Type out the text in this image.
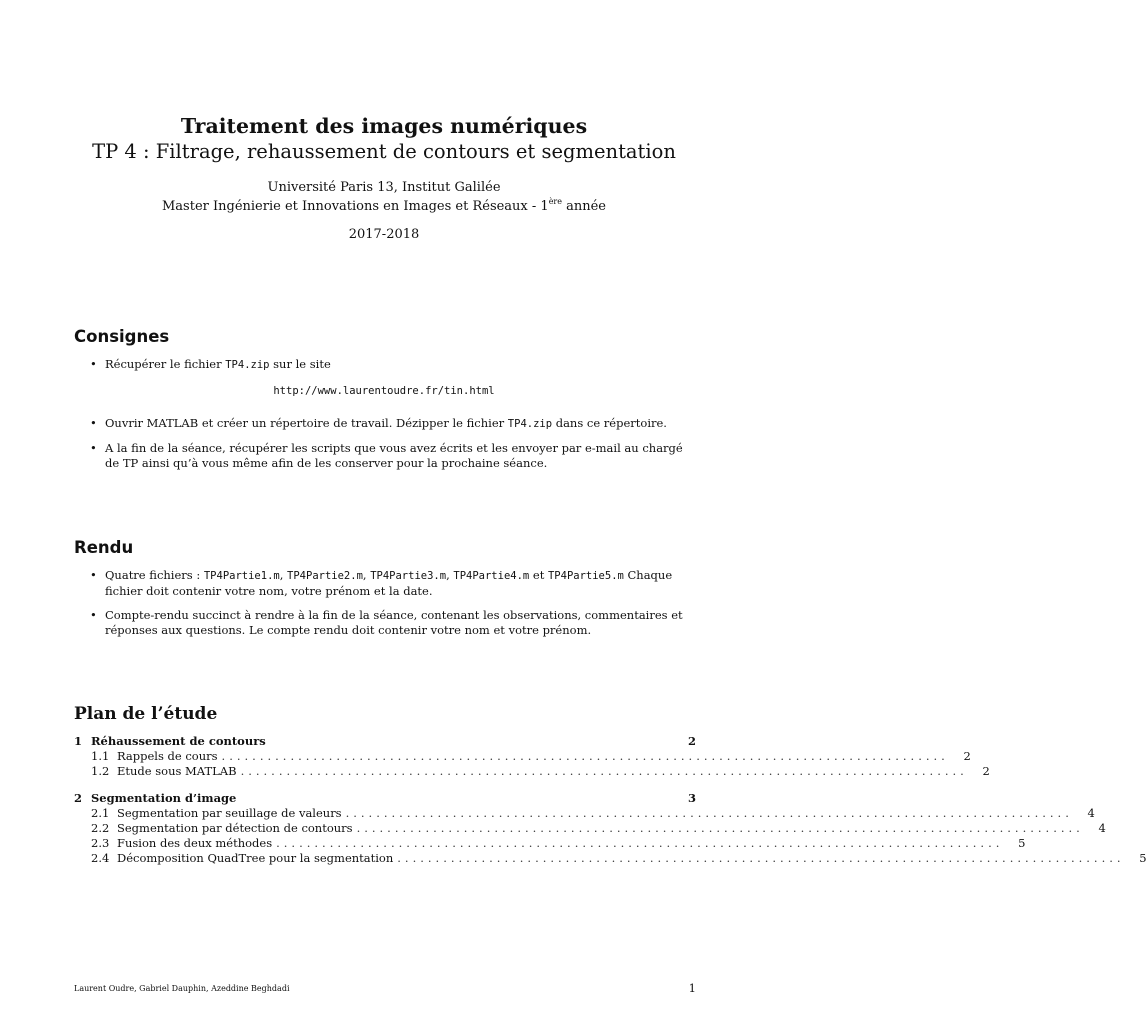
Traitement des images numériques
TP 4 : Filtrage, rehaussement de contours et segmentation
Université Paris 13, Institut Galilée
Master Ingénierie et Innovations en Images et Réseaux - 1ère année
2017-2018
Consignes
• Récupérer le fichier TP4.zip sur le site
http://www.laurentoudre.fr/tin.html
• Ouvrir MATLAB et créer un répertoire de travail. Dézipper le fichier TP4.zip dans ce répertoire.
• A la fin de la séance, récupérer les scripts que vous avez écrits et les envoyer par e-mail au chargé de TP ainsi qu’à vous même afin de les conserver pour la prochaine séance.
Rendu
• Quatre fichiers : TP4Partie1.m, TP4Partie2.m, TP4Partie3.m, TP4Partie4.m et TP4Partie5.m Chaque fichier doit contenir votre nom, votre prénom et la date.
• Compte-rendu succinct à rendre à la fin de la séance, contenant les observations, commentaires et réponses aux questions. Le compte rendu doit contenir votre nom et votre prénom.
Plan de l’étude
1 Réhaussement de contours	2
1.1 Rappels de cours ...............................................................................................	2
1.2 Etude sous MATLAB ...............................................................................................	2
2 Segmentation d’image	3
2.1 Segmentation par seuillage de valeurs ...............................................................................................	4
2.2 Segmentation par détection de contours ...............................................................................................	4
2.3 Fusion des deux méthodes ...............................................................................................	5
2.4 Décomposition QuadTree pour la segmentation ...............................................................................................	5
Laurent Oudre, Gabriel Dauphin, Azeddine Beghdadi	1
